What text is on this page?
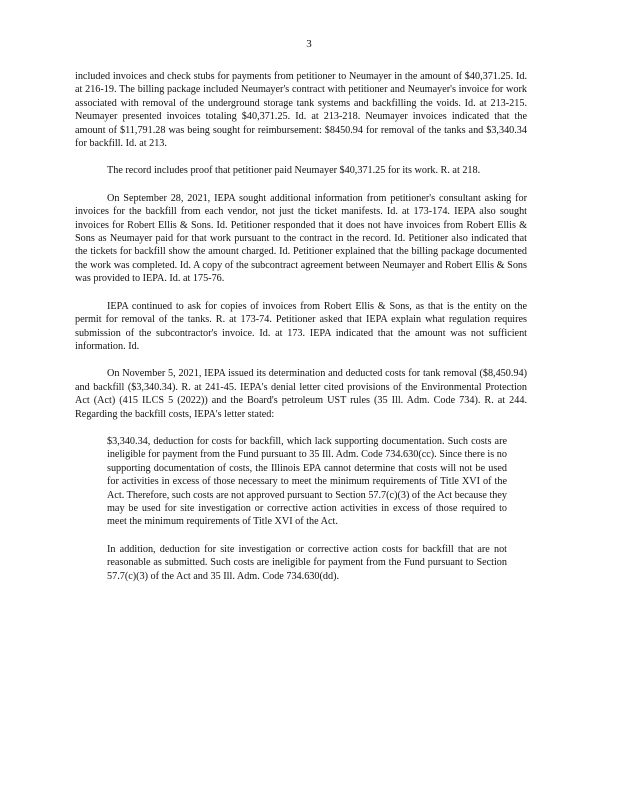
3

included invoices and check stubs for payments from petitioner to Neumayer in the amount of $40,371.25. Id. at 216-19. The billing package included Neumayer's contract with petitioner and Neumayer's invoice for work associated with removal of the underground storage tank systems and backfilling the voids. Id. at 213-215. Neumayer presented invoices totaling $40,371.25. Id. at 213-218. Neumayer invoices indicated that the amount of $11,791.28 was being sought for reimbursement: $8450.94 for removal of the tanks and $3,340.34 for backfill. Id. at 213.

The record includes proof that petitioner paid Neumayer $40,371.25 for its work. R. at 218.

On September 28, 2021, IEPA sought additional information from petitioner's consultant asking for invoices for the backfill from each vendor, not just the ticket manifests. Id. at 173-174. IEPA also sought invoices for Robert Ellis & Sons. Id. Petitioner responded that it does not have invoices from Robert Ellis & Sons as Neumayer paid for that work pursuant to the contract in the record. Id. Petitioner also indicated that the tickets for backfill show the amount charged. Id. Petitioner explained that the billing package documented the work was completed. Id. A copy of the subcontract agreement between Neumayer and Robert Ellis & Sons was provided to IEPA. Id. at 175-76.

IEPA continued to ask for copies of invoices from Robert Ellis & Sons, as that is the entity on the permit for removal of the tanks. R. at 173-74. Petitioner asked that IEPA explain what regulation requires submission of the subcontractor's invoice. Id. at 173. IEPA indicated that the amount was not sufficient information. Id.

On November 5, 2021, IEPA issued its determination and deducted costs for tank removal ($8,450.94) and backfill ($3,340.34). R. at 241-45. IEPA's denial letter cited provisions of the Environmental Protection Act (Act) (415 ILCS 5 (2022)) and the Board's petroleum UST rules (35 Ill. Adm. Code 734). R. at 244. Regarding the backfill costs, IEPA's letter stated:

$3,340.34, deduction for costs for backfill, which lack supporting documentation. Such costs are ineligible for payment from the Fund pursuant to 35 Ill. Adm. Code 734.630(cc). Since there is no supporting documentation of costs, the Illinois EPA cannot determine that costs will not be used for activities in excess of those necessary to meet the minimum requirements of Title XVI of the Act. Therefore, such costs are not approved pursuant to Section 57.7(c)(3) of the Act because they may be used for site investigation or corrective action activities in excess of those required to meet the minimum requirements of Title XVI of the Act.

In addition, deduction for site investigation or corrective action costs for backfill that are not reasonable as submitted. Such costs are ineligible for payment from the Fund pursuant to Section 57.7(c)(3) of the Act and 35 Ill. Adm. Code 734.630(dd).
